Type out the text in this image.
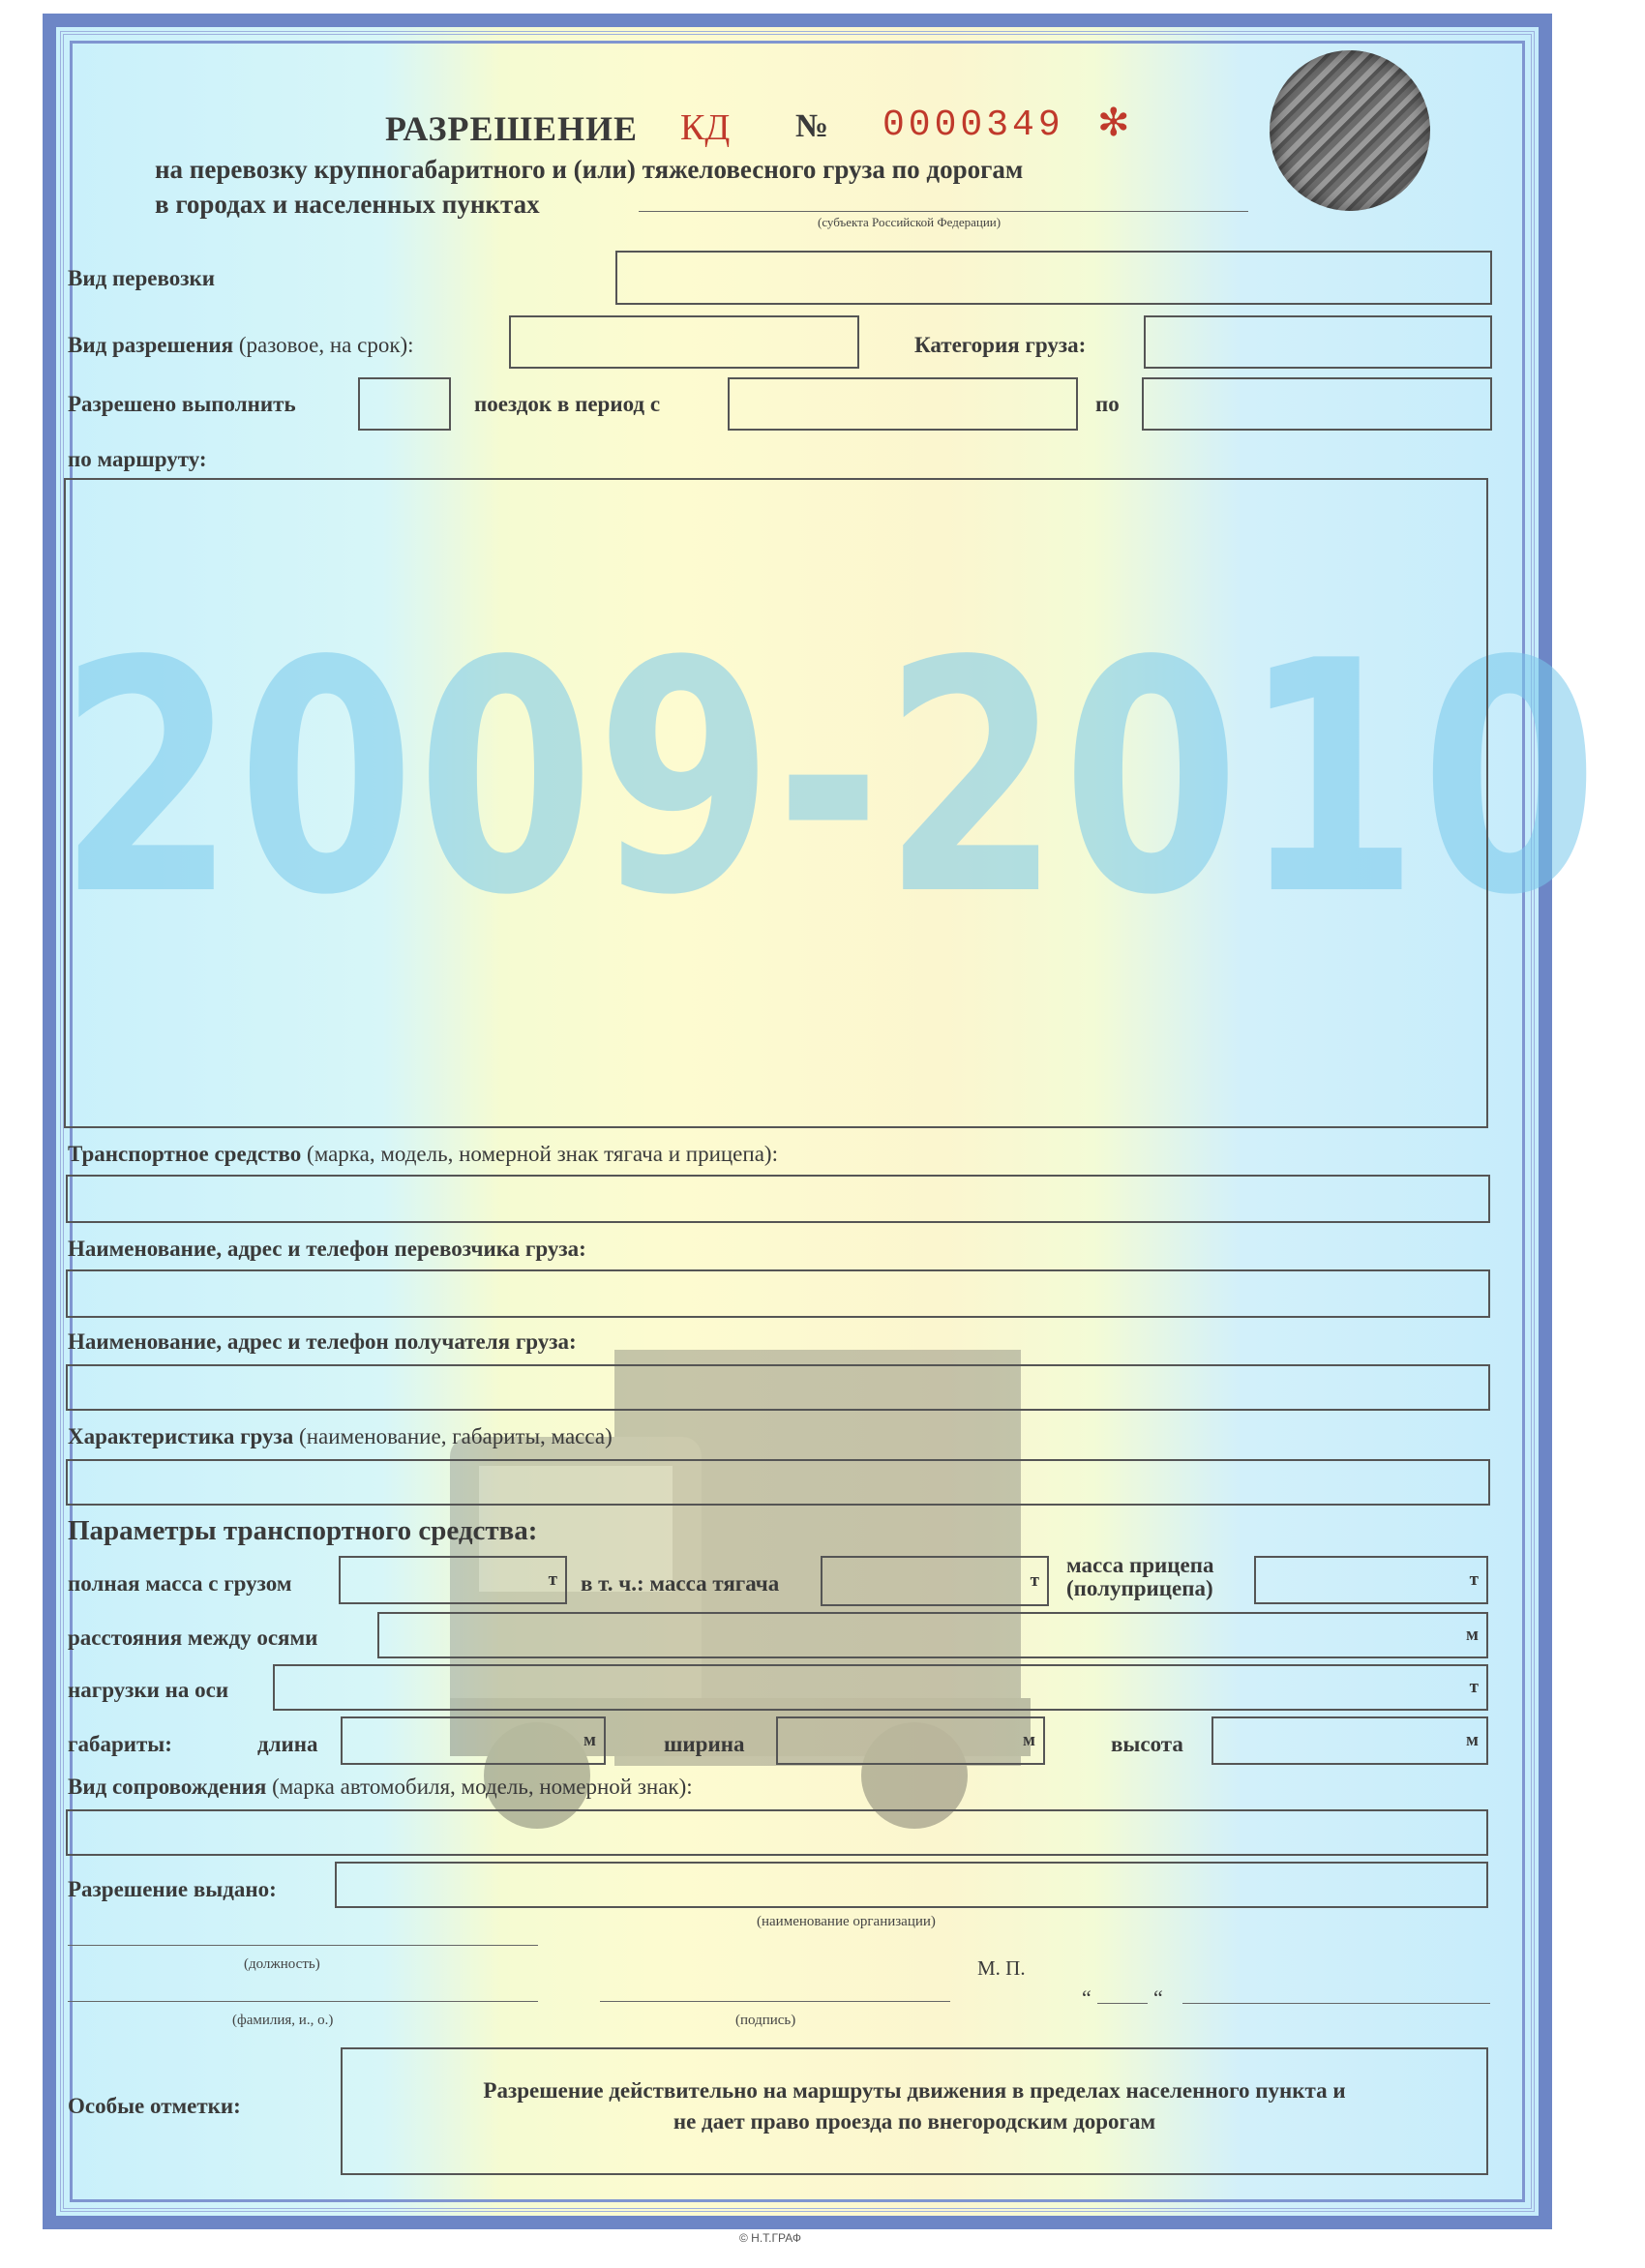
2009-2010
РАЗРЕШЕНИЕ КД № 0000349 ✻
на перевозку крупногабаритного и (или) тяжеловесного груза по дорогам
в городах и населенных пунктах
(субъекта Российской Федерации)
Вид перевозки
Вид разрешения (разовое, на срок):	Категория груза:
Разрешено выполнить	поездок в период с	по
по маршруту:
Транспортное средство (марка, модель, номерной знак тягача и прицепа):
Наименование, адрес и телефон перевозчика груза:
Наименование, адрес и телефон получателя груза:
Характеристика груза (наименование, габариты, масса)
Параметры транспортного средства:
полная масса с грузом	т в т. ч.: масса тягача	т
масса прицепа
(полуприцепа)	т
расстояния между осями	м
нагрузки на оси	т
габариты:	длина	м	ширина	м	высота	м
Вид сопровождения (марка автомобиля, модель, номерной знак):
Разрешение выдано:
(наименование организации)
(должность)	М. П.
“	“
(фамилия, и., о.)	(подпись)
Особые отметки:
Разрешение действительно на маршруты движения в пределах населенного пункта и
не дает право проезда по внегородским дорогам
© Н.Т.ГРАФ
